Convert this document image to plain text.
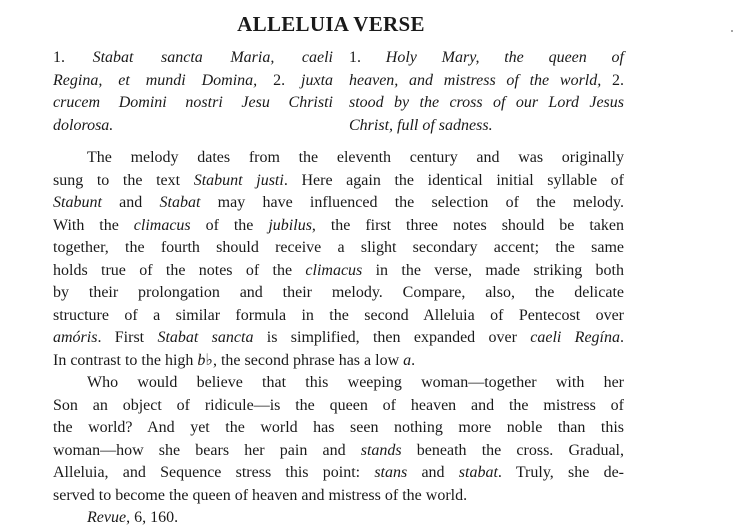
ALLELUIA VERSE
1. Stabat sancta Maria, caeli
Regina, et mundi Domina, 2. juxta
crucem Domini nostri Jesu Christi
dolorosa.
1. Holy Mary, the queen of
heaven, and mistress of the world, 2.
stood by the cross of our Lord Jesus
Christ, full of sadness.
The melody dates from the eleventh century and was originally
sung to the text Stabunt justi. Here again the identical initial syllable of
Stabunt and Stabat may have influenced the selection of the melody.
With the climacus of the jubilus, the first three notes should be taken
together, the fourth should receive a slight secondary accent; the same
holds true of the notes of the climacus in the verse, made striking both
by their prolongation and their melody. Compare, also, the delicate
structure of a similar formula in the second Alleluia of Pentecost over
amóris. First Stabat sancta is simplified, then expanded over caeli Regína.
In contrast to the high b♭, the second phrase has a low a.
Who would believe that this weeping woman—together with her
Son an object of ridicule—is the queen of heaven and the mistress of
the world? And yet the world has seen nothing more noble than this
woman—how she bears her pain and stands beneath the cross. Gradual,
Alleluia, and Sequence stress this point: stans and stabat. Truly, she de-
served to become the queen of heaven and mistress of the world.
Revue, 6, 160.
